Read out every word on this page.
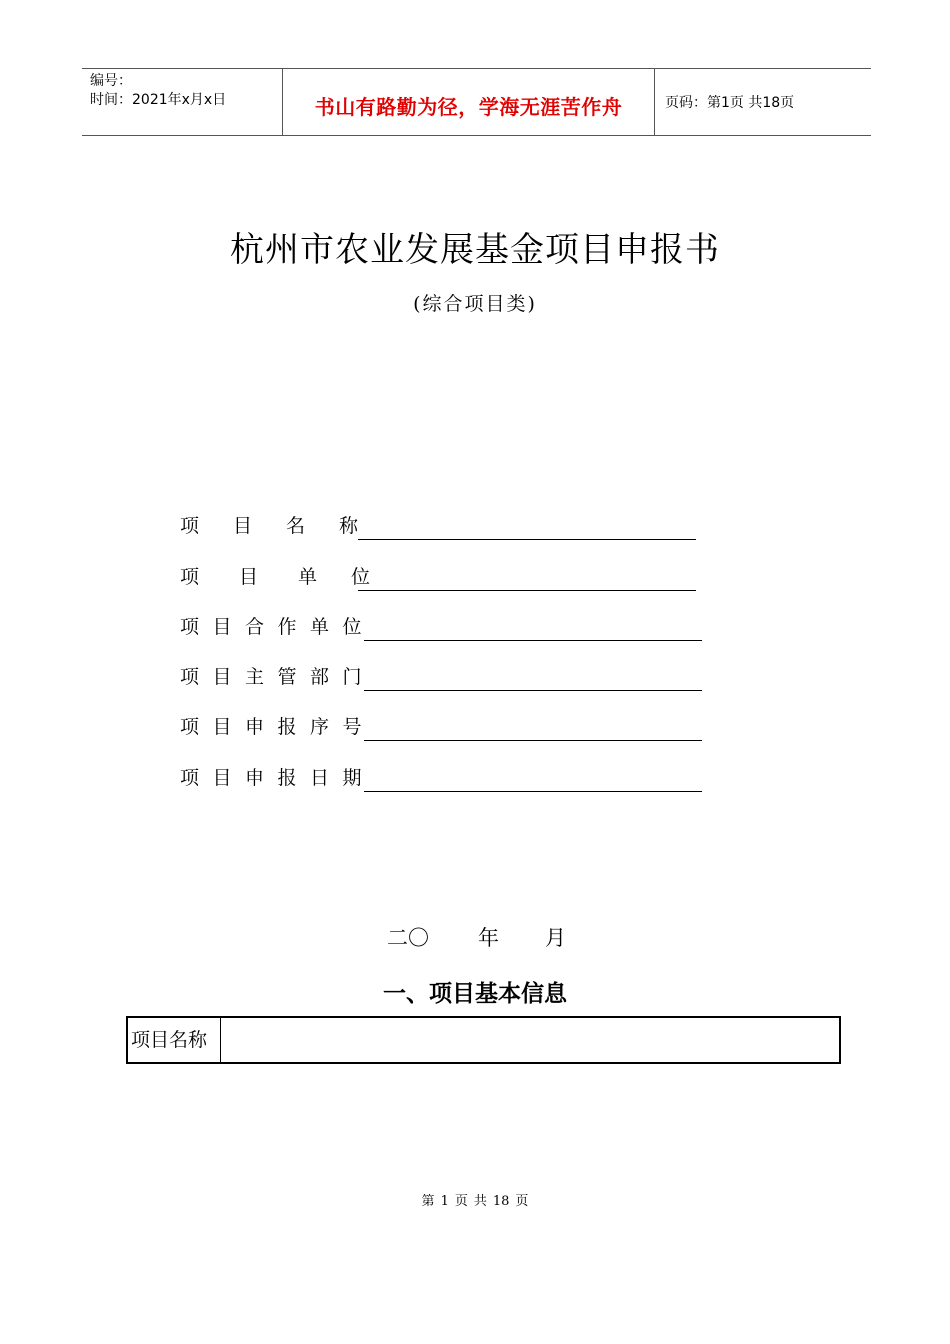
编号：
时间：2021年x月x日	书山有路勤为径，学海无涯苦作舟	页码：第1页 共18页
杭州市农业发展基金项目申报书
(综合项目类)
项目名称
项目单位
项目合作单位
项目主管部门
项目申报序号
项目申报日期
二〇 年 月
一、项目基本信息
项目名称
第 1 页 共 18 页
